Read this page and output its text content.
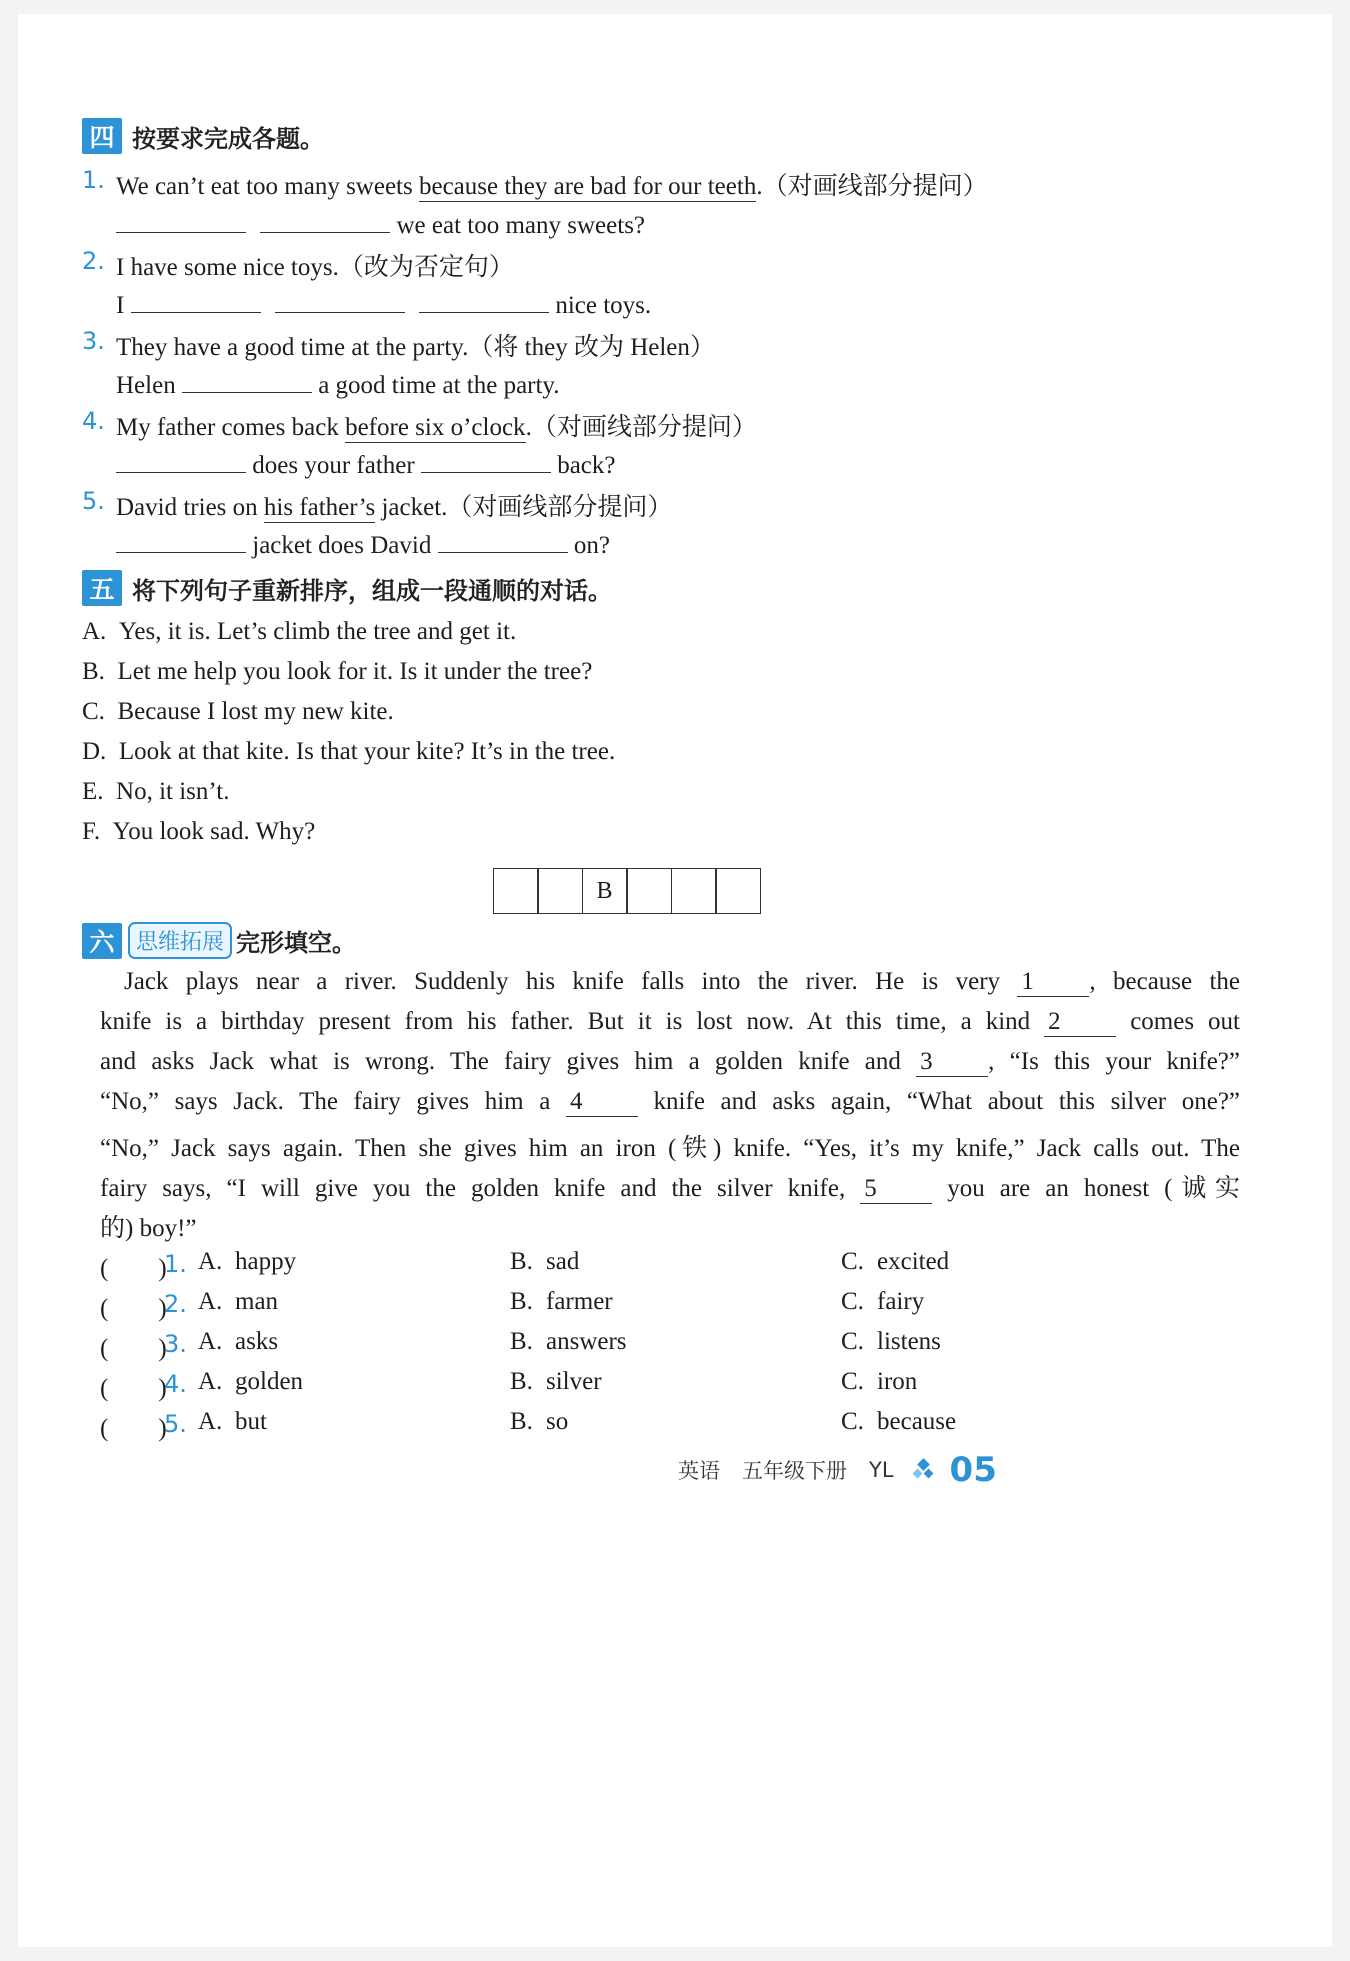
四 按要求完成各题。
1. We can’t eat too many sweets because they are bad for our teeth.（对画线部分提问）
we eat too many sweets?
2. I have some nice toys.（改为否定句）
I	nice toys.
3. They have a good time at the party.（将 they 改为 Helen）
Helen	a good time at the party.
4. My father comes back before six o’clock.（对画线部分提问）
does your father	back?
5. David tries on his father’s jacket.（对画线部分提问）
jacket does David	on?
五 将下列句子重新排序，组成一段通顺的对话。
A. Yes, it is. Let’s climb the tree and get it.
B. Let me help you look for it. Is it under the tree?
C. Because I lost my new kite.
D. Look at that kite. Is that your kite? It’s in the tree.
E. No, it isn’t.
F. You look sad. Why?
B
六 思维拓展 完形填空。
Jack plays near a river. Suddenly his knife falls into the river. He is very 1 , because the
knife is a birthday present from his father. But it is lost now. At this time, a kind 2	comes out
and asks Jack what is wrong. The fairy gives him a golden knife and 3 , “Is this your knife?”
“No,” says Jack. The fairy gives him a 4	knife and asks again, “What about this silver one?”
“No,” Jack says again. Then she gives him an iron (铁) knife. “Yes, it’s my knife,” Jack calls out. The
fairy says, “I will give you the golden knife and the silver knife, 5	you are an honest (诚实
的) boy!”
(　　)
1. A. happy	B. sad	C. excited
(　　)
2. A. man	B. farmer	C. fairy
(　　)
3. A. asks	B. answers	C. listens
(　　)
4. A. golden	B. silver	C. iron
(　　)
5. A. but	B. so	C. because
英语 五年级下册 YL 05
